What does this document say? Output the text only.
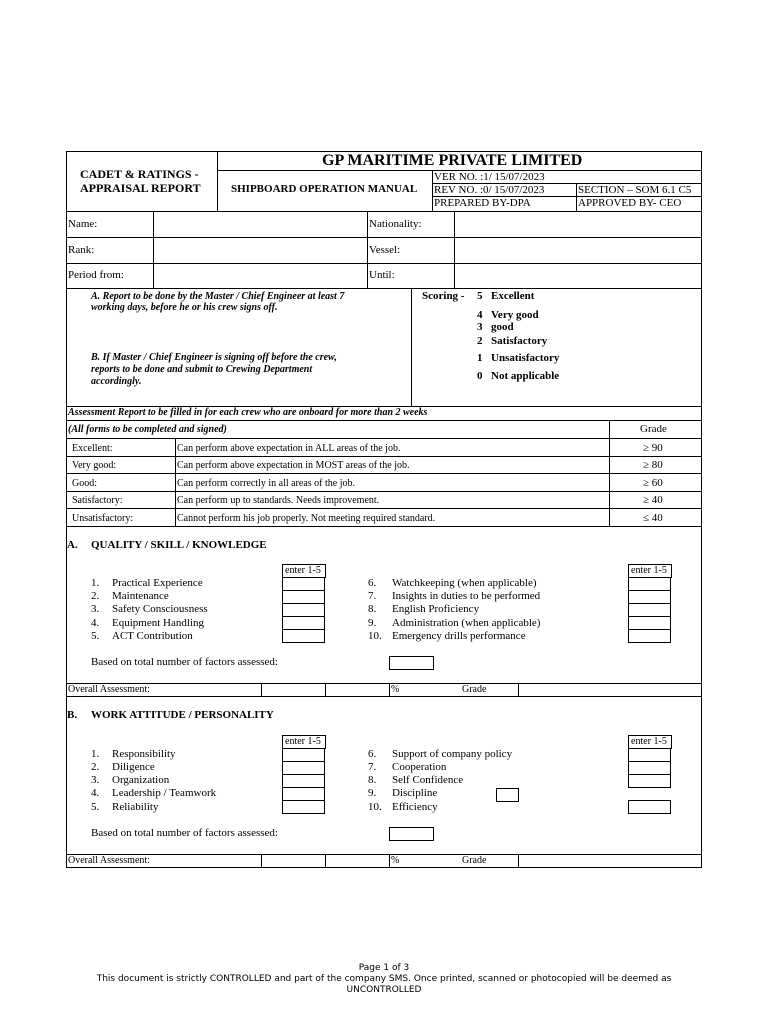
CADET & RATINGS -
APPRAISAL REPORT
GP MARITIME PRIVATE LIMITED
SHIPBOARD OPERATION MANUAL
VER NO. :1/ 15/07/2023
REV NO. :0/ 15/07/2023
PREPARED BY-DPA
SECTION – SOM 6.1 C5
APPROVED BY- CEO
Name:	Nationality:
Rank:	Vessel:
Period from:	Until:
A. Report to be done by the Master / Chief Engineer at least 7
working days, before he or his crew signs off.
B. If Master / Chief Engineer is signing off before the crew,
reports to be done and submit to Crewing Department
accordingly.
Scoring - 5 Excellent
4 Very good
3 good
2 Satisfactory
1 Unsatisfactory
0 Not applicable
Assessment Report to be filled in for each crew who are onboard for more than 2 weeks
(All forms to be completed and signed)	Grade
Excellent:	Can perform above expectation in ALL areas of the job.	≥ 90
Very good:	Can perform above expectation in MOST areas of the job.	≥ 80
Good:	Can perform correctly in all areas of the job.	≥ 60
Satisfactory:	Can perform up to standards. Needs improvement.	≥ 40
Unsatisfactory:	Cannot perform his job properly. Not meeting required standard.	≤ 40
A. QUALITY / SKILL / KNOWLEDGE
enter 1-5	enter 1-5
1. Practical Experience
2. Maintenance
3. Safety Consciousness
4. Equipment Handling
5. ACT Contribution
6. Watchkeeping (when applicable)
7. Insights in duties to be performed
8. English Proficiency
9. Administration (when applicable)
10. Emergency drills performance
Based on total number of factors assessed:
Overall Assessment:	%	Grade
B. WORK ATTITUDE / PERSONALITY
enter 1-5	enter 1-5
1. Responsibility
2. Diligence
3. Organization
4. Leadership / Teamwork
5. Reliability
6. Support of company policy
7. Cooperation
8. Self Confidence
9. Discipline
10. Efficiency
Based on total number of factors assessed:
Overall Assessment:	%	Grade
Page 1 of 3
This document is strictly CONTROLLED and part of the company SMS. Once printed, scanned or photocopied will be deemed as
UNCONTROLLED
